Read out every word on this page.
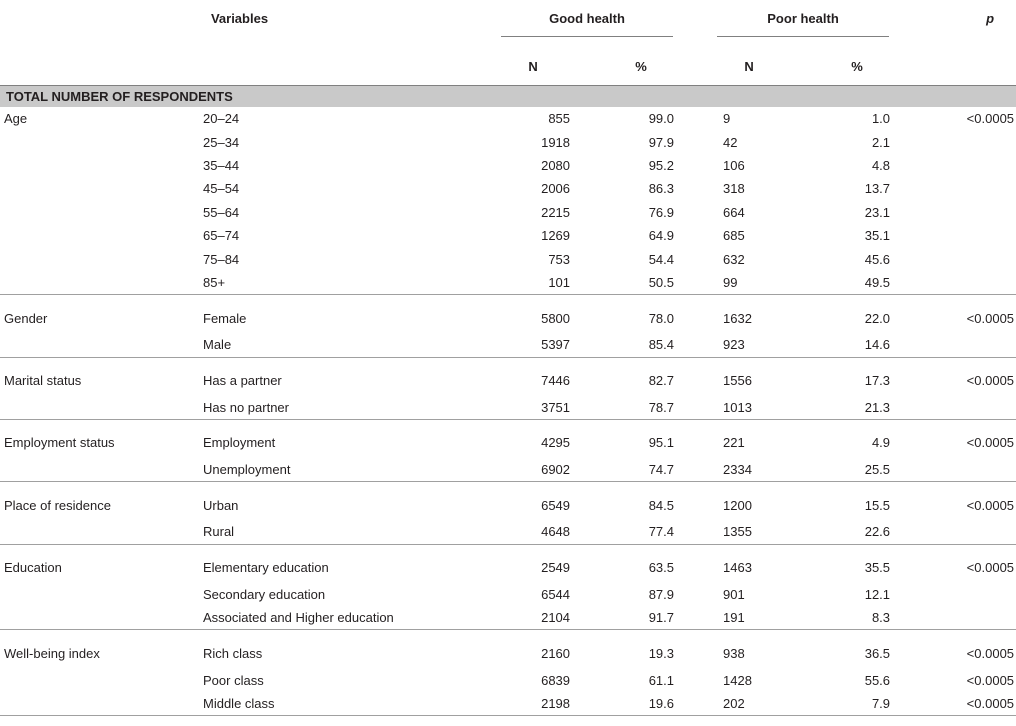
Variables		Good health		Poor health		p
		N	%	N	%	
TOTAL NUMBER OF RESPONDENTS						
Age	20–24	855	99.0	9	1.0	<0.0005
	25–34	1918	97.9	42	2.1	
	35–44	2080	95.2	106	4.8	
	45–54	2006	86.3	318	13.7	
	55–64	2215	76.9	664	23.1	
	65–74	1269	64.9	685	35.1	
	75–84	753	54.4	632	45.6	
	85+	101	50.5	99	49.5	
Gender	Female	5800	78.0	1632	22.0	<0.0005
	Male	5397	85.4	923	14.6	
Marital status	Has a partner	7446	82.7	1556	17.3	<0.0005
	Has no partner	3751	78.7	1013	21.3	
Employment status	Employment	4295	95.1	221	4.9	<0.0005
	Unemployment	6902	74.7	2334	25.5	
Place of residence	Urban	6549	84.5	1200	15.5	<0.0005
	Rural	4648	77.4	1355	22.6	
Education	Elementary education	2549	63.5	1463	35.5	<0.0005
	Secondary education	6544	87.9	901	12.1	
	Associated and Higher education	2104	91.7	191	8.3	
Well-being index	Rich class	2160	19.3	938	36.5	<0.0005
	Poor class	6839	61.1	1428	55.6	<0.0005
	Middle class	2198	19.6	202	7.9	<0.0005
